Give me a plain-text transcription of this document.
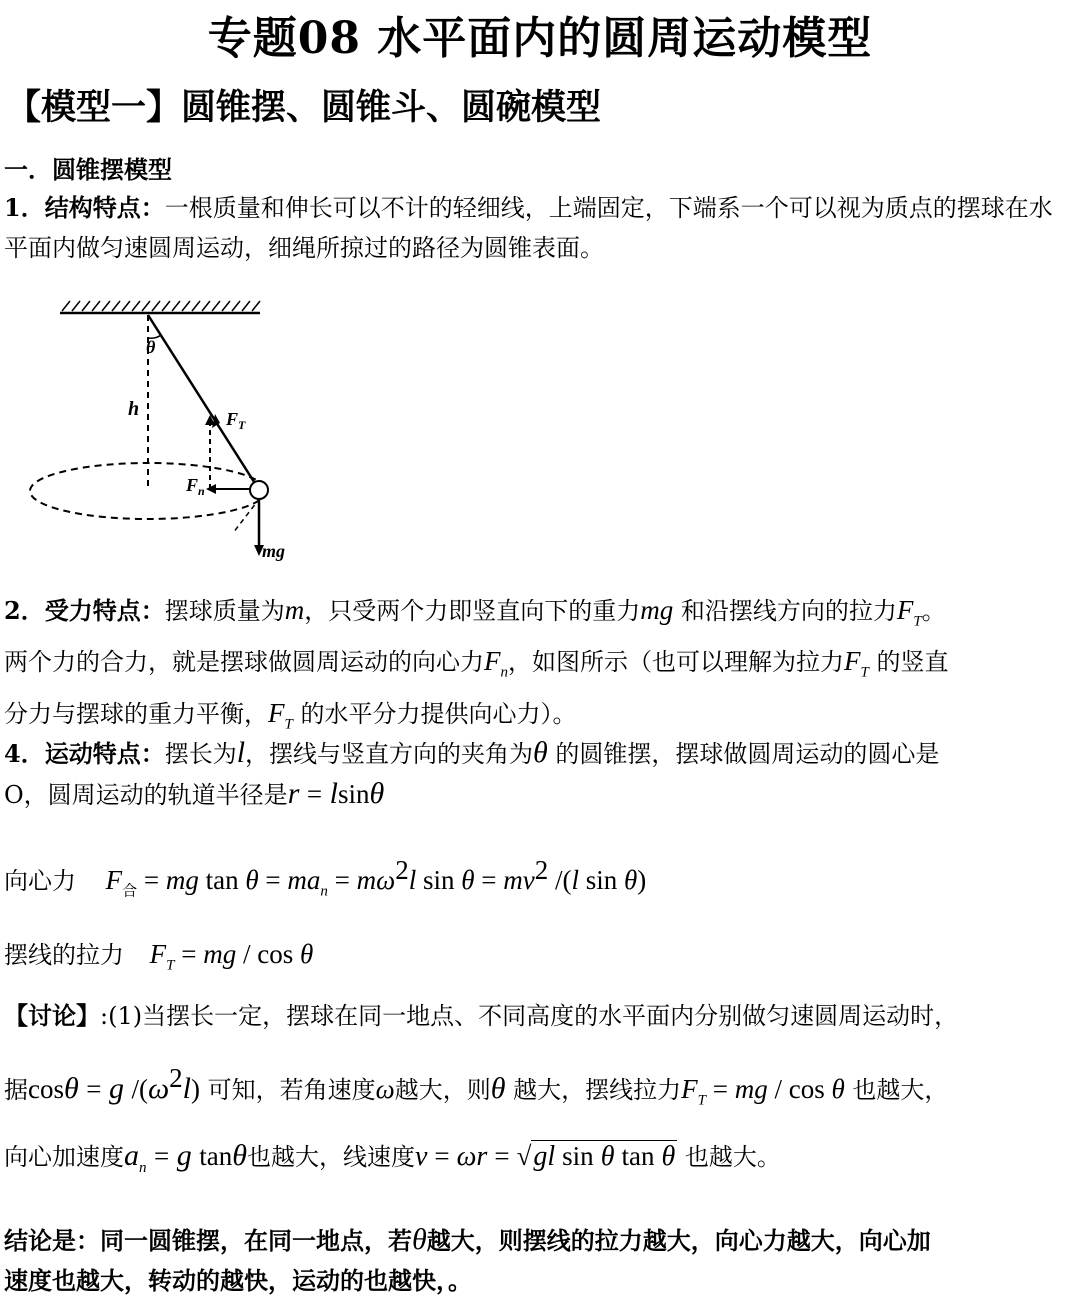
专题08 水平面内的圆周运动模型
【模型一】圆锥摆、圆锥斗、圆碗模型
一．圆锥摆模型
1．结构特点：一根质量和伸长可以不计的轻细线，上端固定，下端系一个可以视为质点的摆球在水平面内做匀速圆周运动，细绳所掠过的路径为圆锥表面。
θ
h	$F_T$
$F_n$
mg
2．受力特点：摆球质量为m，只受两个力即竖直向下的重力mg 和沿摆线方向的拉力$F_T$。
两个力的合力，就是摆球做圆周运动的向心力$F_n$，如图所示（也可以理解为拉力$F_T$ 的竖直
分力与摆球的重力平衡，$F_T$ 的水平分力提供向心力）。
4．运动特点：摆长为l，摆线与竖直方向的夹角为θ 的圆锥摆，摆球做圆周运动的圆心是
O，圆周运动的轨道半径是r = lsinθ
向心力 $F_合$ = mg $\tan \theta = ma_n = m\omega^2l$ $\sin \theta = mv^2$ /(l sin θ)
摆线的拉力 $F_T$ = mg / cos θ
【讨论】:(1)当摆长一定，摆球在同一地点、不同高度的水平面内分别做匀速圆周运动时，
据cosθ = g $/(\omega^2l)$ 可知，若角速度ω越大，则θ 越大，摆线拉力$F_T$ = mg / cos θ 也越大，
向心加速度$a_n = g$ tanθ也越大，线速度v = ωr = √gl sin θ tan θ 也越大。
结论是：同一圆锥摆，在同一地点，若θ越大，则摆线的拉力越大，向心力越大，向心加
速度也越大，转动的越快，运动的也越快，。
